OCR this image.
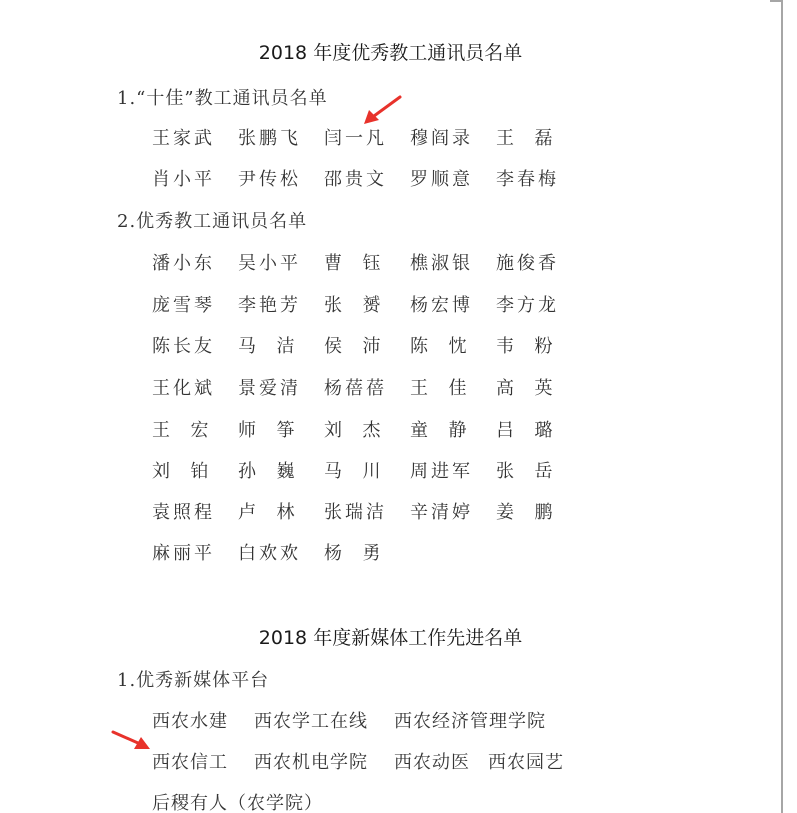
2018 年度优秀教工通讯员名单
1.“十佳”教工通讯员名单
王家武	张鹏飞	闫一凡	穆阎录	王  磊
肖小平	尹传松	邵贵文	罗顺意	李春梅
2.优秀教工通讯员名单
潘小东	吴小平	曹  钰	樵淑银	施俊香
庞雪琴	李艳芳	张  赟	杨宏博	李方龙
陈长友	马  洁	侯  沛	陈  忱	韦  粉
王化斌	景爱清	杨蓓蓓	王  佳	高  英
王  宏	师  筝	刘  杰	童  静	吕  璐
刘  铂	孙  巍	马  川	周进军	张  岳
袁照程	卢  林	张瑞洁	辛清婷	姜  鹏
麻丽平	白欢欢	杨  勇
2018 年度新媒体工作先进名单
1.优秀新媒体平台
西农水建 西农学工在线 西农经济管理学院
西农信工 西农机电学院 西农动医 西农园艺
后稷有人（农学院）
